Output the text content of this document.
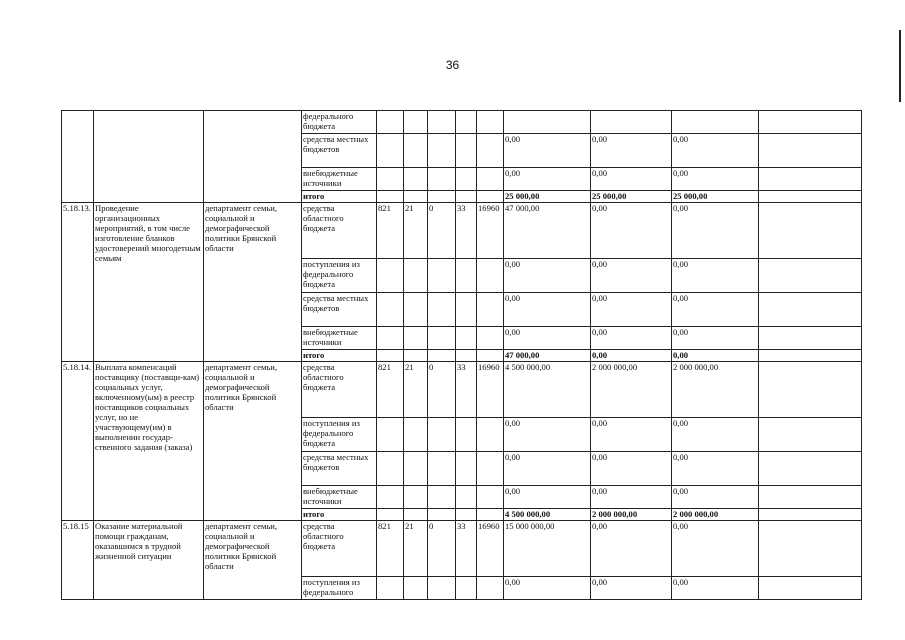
36
			федерального бюджета									
			средства местных бюджетов						0,00	0,00	0,00	
			внебюджетные источники						0,00	0,00	0,00	
			итого						25 000,00	25 000,00	25 000,00	
5.18.13.	Проведение организационных мероприятий, в том числе изготовление бланков удостоверений многодетным семьям	департамент семьи, социальной и демографической политики Брянской области	средства областного бюджета	821	21	0	33	16960	47 000,00	0,00	0,00	
			поступления из федерального бюджета						0,00	0,00	0,00	
			средства местных бюджетов						0,00	0,00	0,00	
			внебюджетные источники						0,00	0,00	0,00	
			итого						47 000,00	0,00	0,00	
5.18.14.	Выплата компенсаций поставщику (поставщи-кам) социальных услуг, включенному(ым) в реестр поставщиков социальных услуг, но не участвующему(им) в выполнении государ-ственного задания (заказа)	департамент семьи, социальной и демографической политики Брянской области	средства областного бюджета	821	21	0	33	16960	4 500 000,00	2 000 000,00	2 000 000,00	
			поступления из федерального бюджета						0,00	0,00	0,00	
			средства местных бюджетов						0,00	0,00	0,00	
			внебюджетные источники						0,00	0,00	0,00	
			итого						4 500 000,00	2 000 000,00	2 000 000,00	
5.18.15	Оказание материальной помощи гражданам, оказавшимся в трудной жизненной ситуации	департамент семьи, социальной и демографической политики Брянской области	средства областного бюджета	821	21	0	33	16960	15 000 000,00	0,00	0,00	
			поступления из федерального						0,00	0,00	0,00	
